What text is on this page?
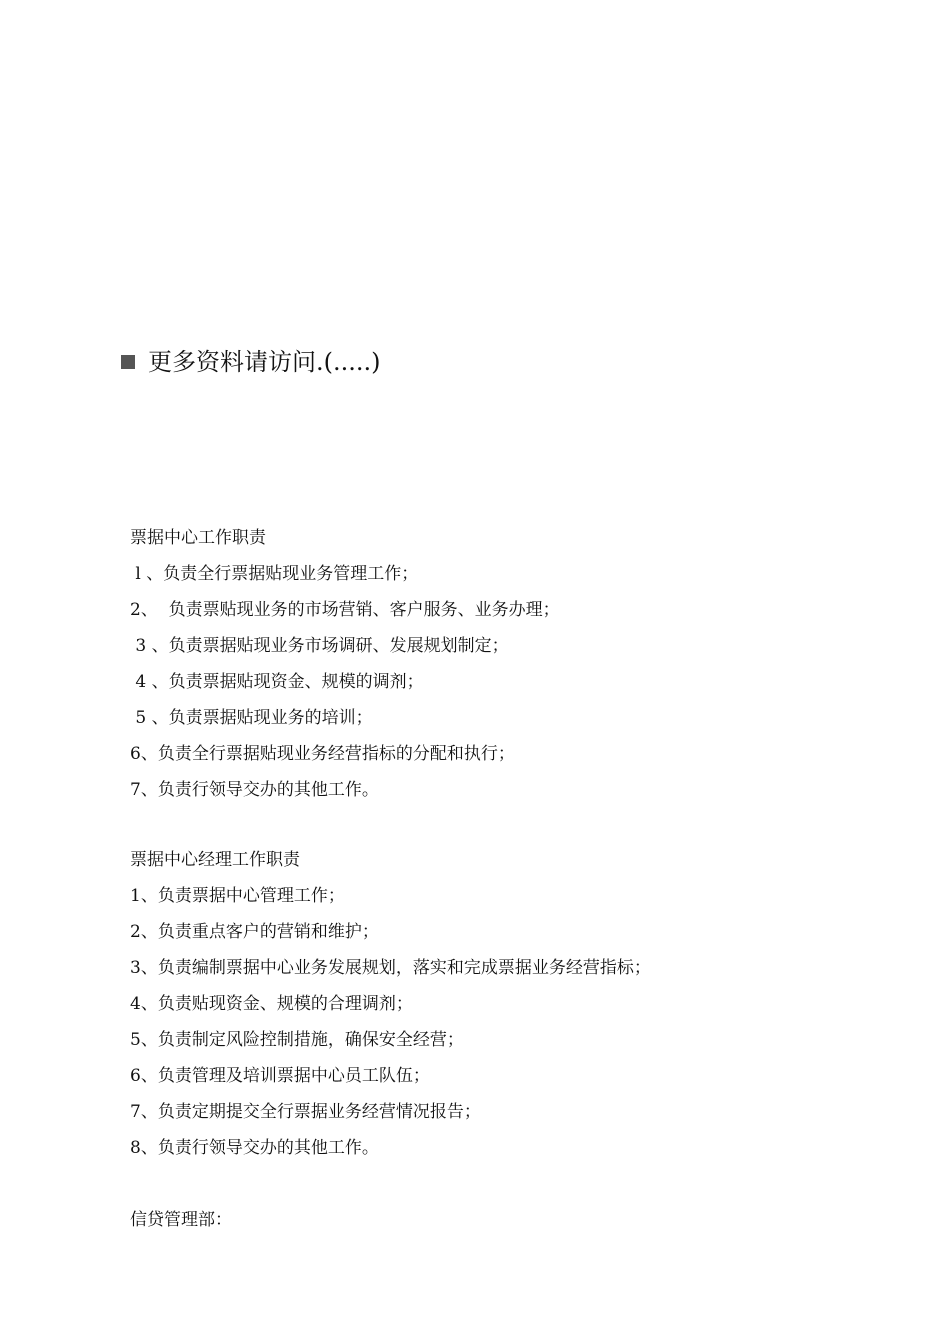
更多资料请访问.(.....)
票据中心工作职责
l 、负责全行票据贴现业务管理工作；
2、  负责票贴现业务的市场营销、客户服务、业务办理；
3 、负责票据贴现业务市场调研、发展规划制定；
4 、负责票据贴现资金、规模的调剂；
5 、负责票据贴现业务的培训；
6、负责全行票据贴现业务经营指标的分配和执行；
7、负责行领导交办的其他工作。
票据中心经理工作职责
1、负责票据中心管理工作；
2、负责重点客户的营销和维护；
3、负责编制票据中心业务发展规划，落实和完成票据业务经营指标；
4、负责贴现资金、规模的合理调剂；
5、负责制定风险控制措施，确保安全经营；
6、负责管理及培训票据中心员工队伍；
7、负责定期提交全行票据业务经营情况报告；
8、负责行领导交办的其他工作。
信贷管理部：
